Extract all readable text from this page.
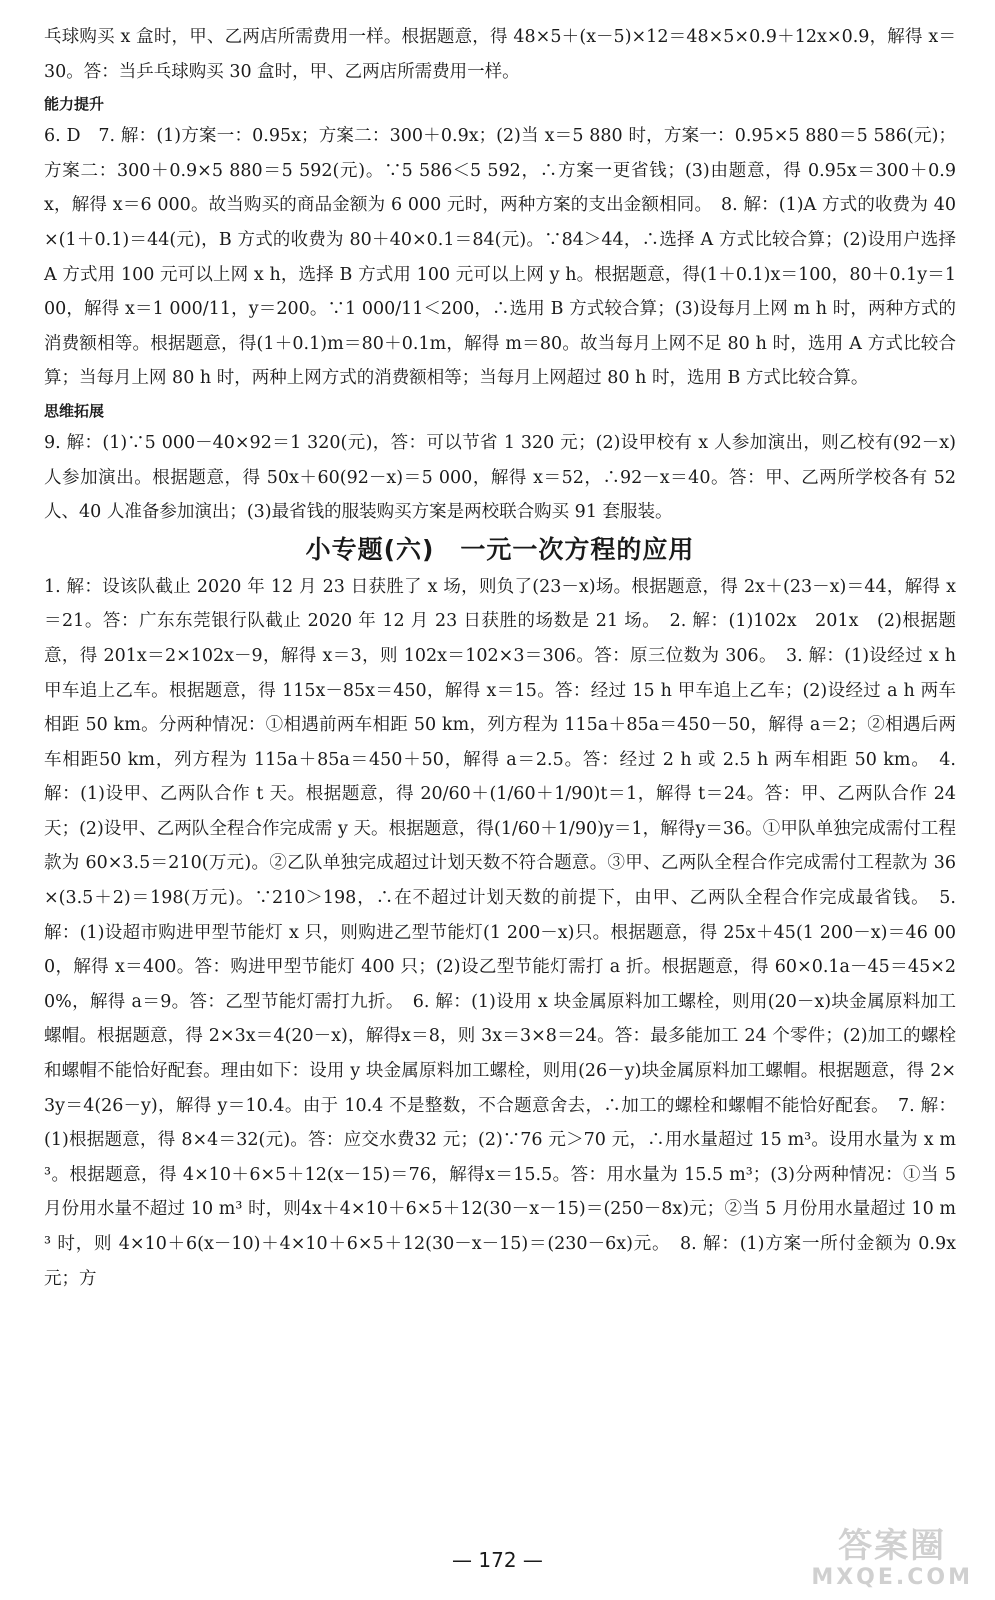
乓球购买 x 盒时，甲、乙两店所需费用一样。根据题意，得 48×5＋(x－5)×12＝48×5×0.9＋12x×0.9，解得 x＝30。答：当乒乓球购买 30 盒时，甲、乙两店所需费用一样。

能力提升

6. D　7. 解：(1)方案一：0.95x；方案二：300＋0.9x；(2)当 x＝5 880 时，方案一：0.95×5 880＝5 586(元)；方案二：300＋0.9×5 880＝5 592(元)。∵5 586＜5 592，∴方案一更省钱；(3)由题意，得 0.95x＝300＋0.9x，解得 x＝6 000。故当购买的商品金额为 6 000 元时，两种方案的支出金额相同。　8. 解：(1)A 方式的收费为 40×(1＋0.1)＝44(元)，B 方式的收费为 80＋40×0.1＝84(元)。∵84＞44，∴选择 A 方式比较合算；(2)设用户选择 A 方式用 100 元可以上网 x h，选择 B 方式用 100 元可以上网 y h。根据题意，得(1＋0.1)x＝100，80＋0.1y＝100，解得 x＝1 000/11，y＝200。∵1 000/11＜200，∴选用 B 方式较合算；(3)设每月上网 m h 时，两种方式的消费额相等。根据题意，得(1＋0.1)m＝80＋0.1m，解得 m＝80。故当每月上网不足 80 h 时，选用 A 方式比较合算；当每月上网 80 h 时，两种上网方式的消费额相等；当每月上网超过 80 h 时，选用 B 方式比较合算。

思维拓展

9. 解：(1)∵5 000－40×92＝1 320(元)，答：可以节省 1 320 元；(2)设甲校有 x 人参加演出，则乙校有(92－x)人参加演出。根据题意，得 50x＋60(92－x)＝5 000，解得 x＝52，∴92－x＝40。答：甲、乙两所学校各有 52 人、40 人准备参加演出；(3)最省钱的服装购买方案是两校联合购买 91 套服装。

小专题(六)　一元一次方程的应用

1. 解：设该队截止 2020 年 12 月 23 日获胜了 x 场，则负了(23－x)场。根据题意，得 2x＋(23－x)＝44，解得 x＝21。答：广东东莞银行队截止 2020 年 12 月 23 日获胜的场数是 21 场。　2. 解：(1)102x　201x　(2)根据题意，得 201x＝2×102x－9，解得 x＝3，则 102x＝102×3＝306。答：原三位数为 306。　3. 解：(1)设经过 x h 甲车追上乙车。根据题意，得 115x－85x＝450，解得 x＝15。答：经过 15 h 甲车追上乙车；(2)设经过 a h 两车相距 50 km。分两种情况：①相遇前两车相距 50 km，列方程为 115a＋85a＝450－50，解得 a＝2；②相遇后两车相距50 km，列方程为 115a＋85a＝450＋50，解得 a＝2.5。答：经过 2 h 或 2.5 h 两车相距 50 km。　4. 解：(1)设甲、乙两队合作 t 天。根据题意，得 20/60＋(1/60＋1/90)t＝1，解得 t＝24。答：甲、乙两队合作 24 天；(2)设甲、乙两队全程合作完成需 y 天。根据题意，得(1/60＋1/90)y＝1，解得y＝36。①甲队单独完成需付工程款为 60×3.5＝210(万元)。②乙队单独完成超过计划天数不符合题意。③甲、乙两队全程合作完成需付工程款为 36×(3.5＋2)＝198(万元)。∵210＞198，∴在不超过计划天数的前提下，由甲、乙两队全程合作完成最省钱。　5. 解：(1)设超市购进甲型节能灯 x 只，则购进乙型节能灯(1 200－x)只。根据题意，得 25x＋45(1 200－x)＝46 000，解得 x＝400。答：购进甲型节能灯 400 只；(2)设乙型节能灯需打 a 折。根据题意，得 60×0.1a－45＝45×20%，解得 a＝9。答：乙型节能灯需打九折。　6. 解：(1)设用 x 块金属原料加工螺栓，则用(20－x)块金属原料加工螺帽。根据题意，得 2×3x＝4(20－x)，解得x＝8，则 3x＝3×8＝24。答：最多能加工 24 个零件；(2)加工的螺栓和螺帽不能恰好配套。理由如下：设用 y 块金属原料加工螺栓，则用(26－y)块金属原料加工螺帽。根据题意，得 2×3y＝4(26－y)，解得 y＝10.4。由于 10.4 不是整数，不合题意舍去，∴加工的螺栓和螺帽不能恰好配套。　7. 解：(1)根据题意，得 8×4＝32(元)。答：应交水费32 元；(2)∵76 元＞70 元，∴用水量超过 15 m³。设用水量为 x m³。根据题意，得 4×10＋6×5＋12(x－15)＝76，解得x＝15.5。答：用水量为 15.5 m³；(3)分两种情况：①当 5 月份用水量不超过 10 m³ 时，则4x＋4×10＋6×5＋12(30－x－15)＝(250－8x)元；②当 5 月份用水量超过 10 m³ 时，则 4×10＋6(x－10)＋4×10＋6×5＋12(30－x－15)＝(230－6x)元。　8. 解：(1)方案一所付金额为 0.9x 元；方

— 172 —	答案圈
MXQE.COM
